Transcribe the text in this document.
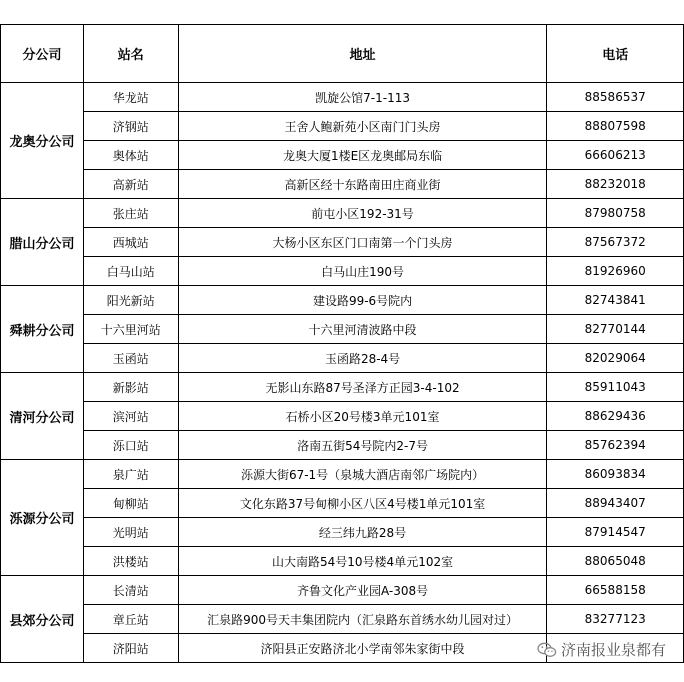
分公司	站名	地址	电话
龙奥分公司	华龙站	凯旋公馆7-1-113	88586537
	济钢站	王舍人鲍新苑小区南门门头房	88807598
	奥体站	龙奥大厦1楼E区龙奥邮局东临	66606213
	高新站	高新区经十东路南田庄商业街	88232018
腊山分公司	张庄站	前屯小区192-31号	87980758
	西城站	大杨小区东区门口南第一个门头房	87567372
	白马山站	白马山庄190号	81926960
舜耕分公司	阳光新站	建设路99-6号院内	82743841
	十六里河站	十六里河清波路中段	82770144
	玉函站	玉函路28-4号	82029064
清河分公司	新影站	无影山东路87号圣泽方正园3-4-102	85911043
	滨河站	石桥小区20号楼3单元101室	88629436
	泺口站	洛南五街54号院内2-7号	85762394
泺源分公司	泉广站	泺源大街67-1号（泉城大酒店南邻广场院内）	86093834
	甸柳站	文化东路37号甸柳小区八区4号楼1单元101室	88943407
	光明站	经三纬九路28号	87914547
	洪楼站	山大南路54号10号楼4单元102室	88065048
县郊分公司	长清站	齐鲁文化产业园A-308号	66588158
	章丘站	汇泉路900号天丰集团院内（汇泉路东首绣水幼儿园对过）	83277123
	济阳站	济阳县正安路济北小学南邻朱家街中段		济南报业泉都有
